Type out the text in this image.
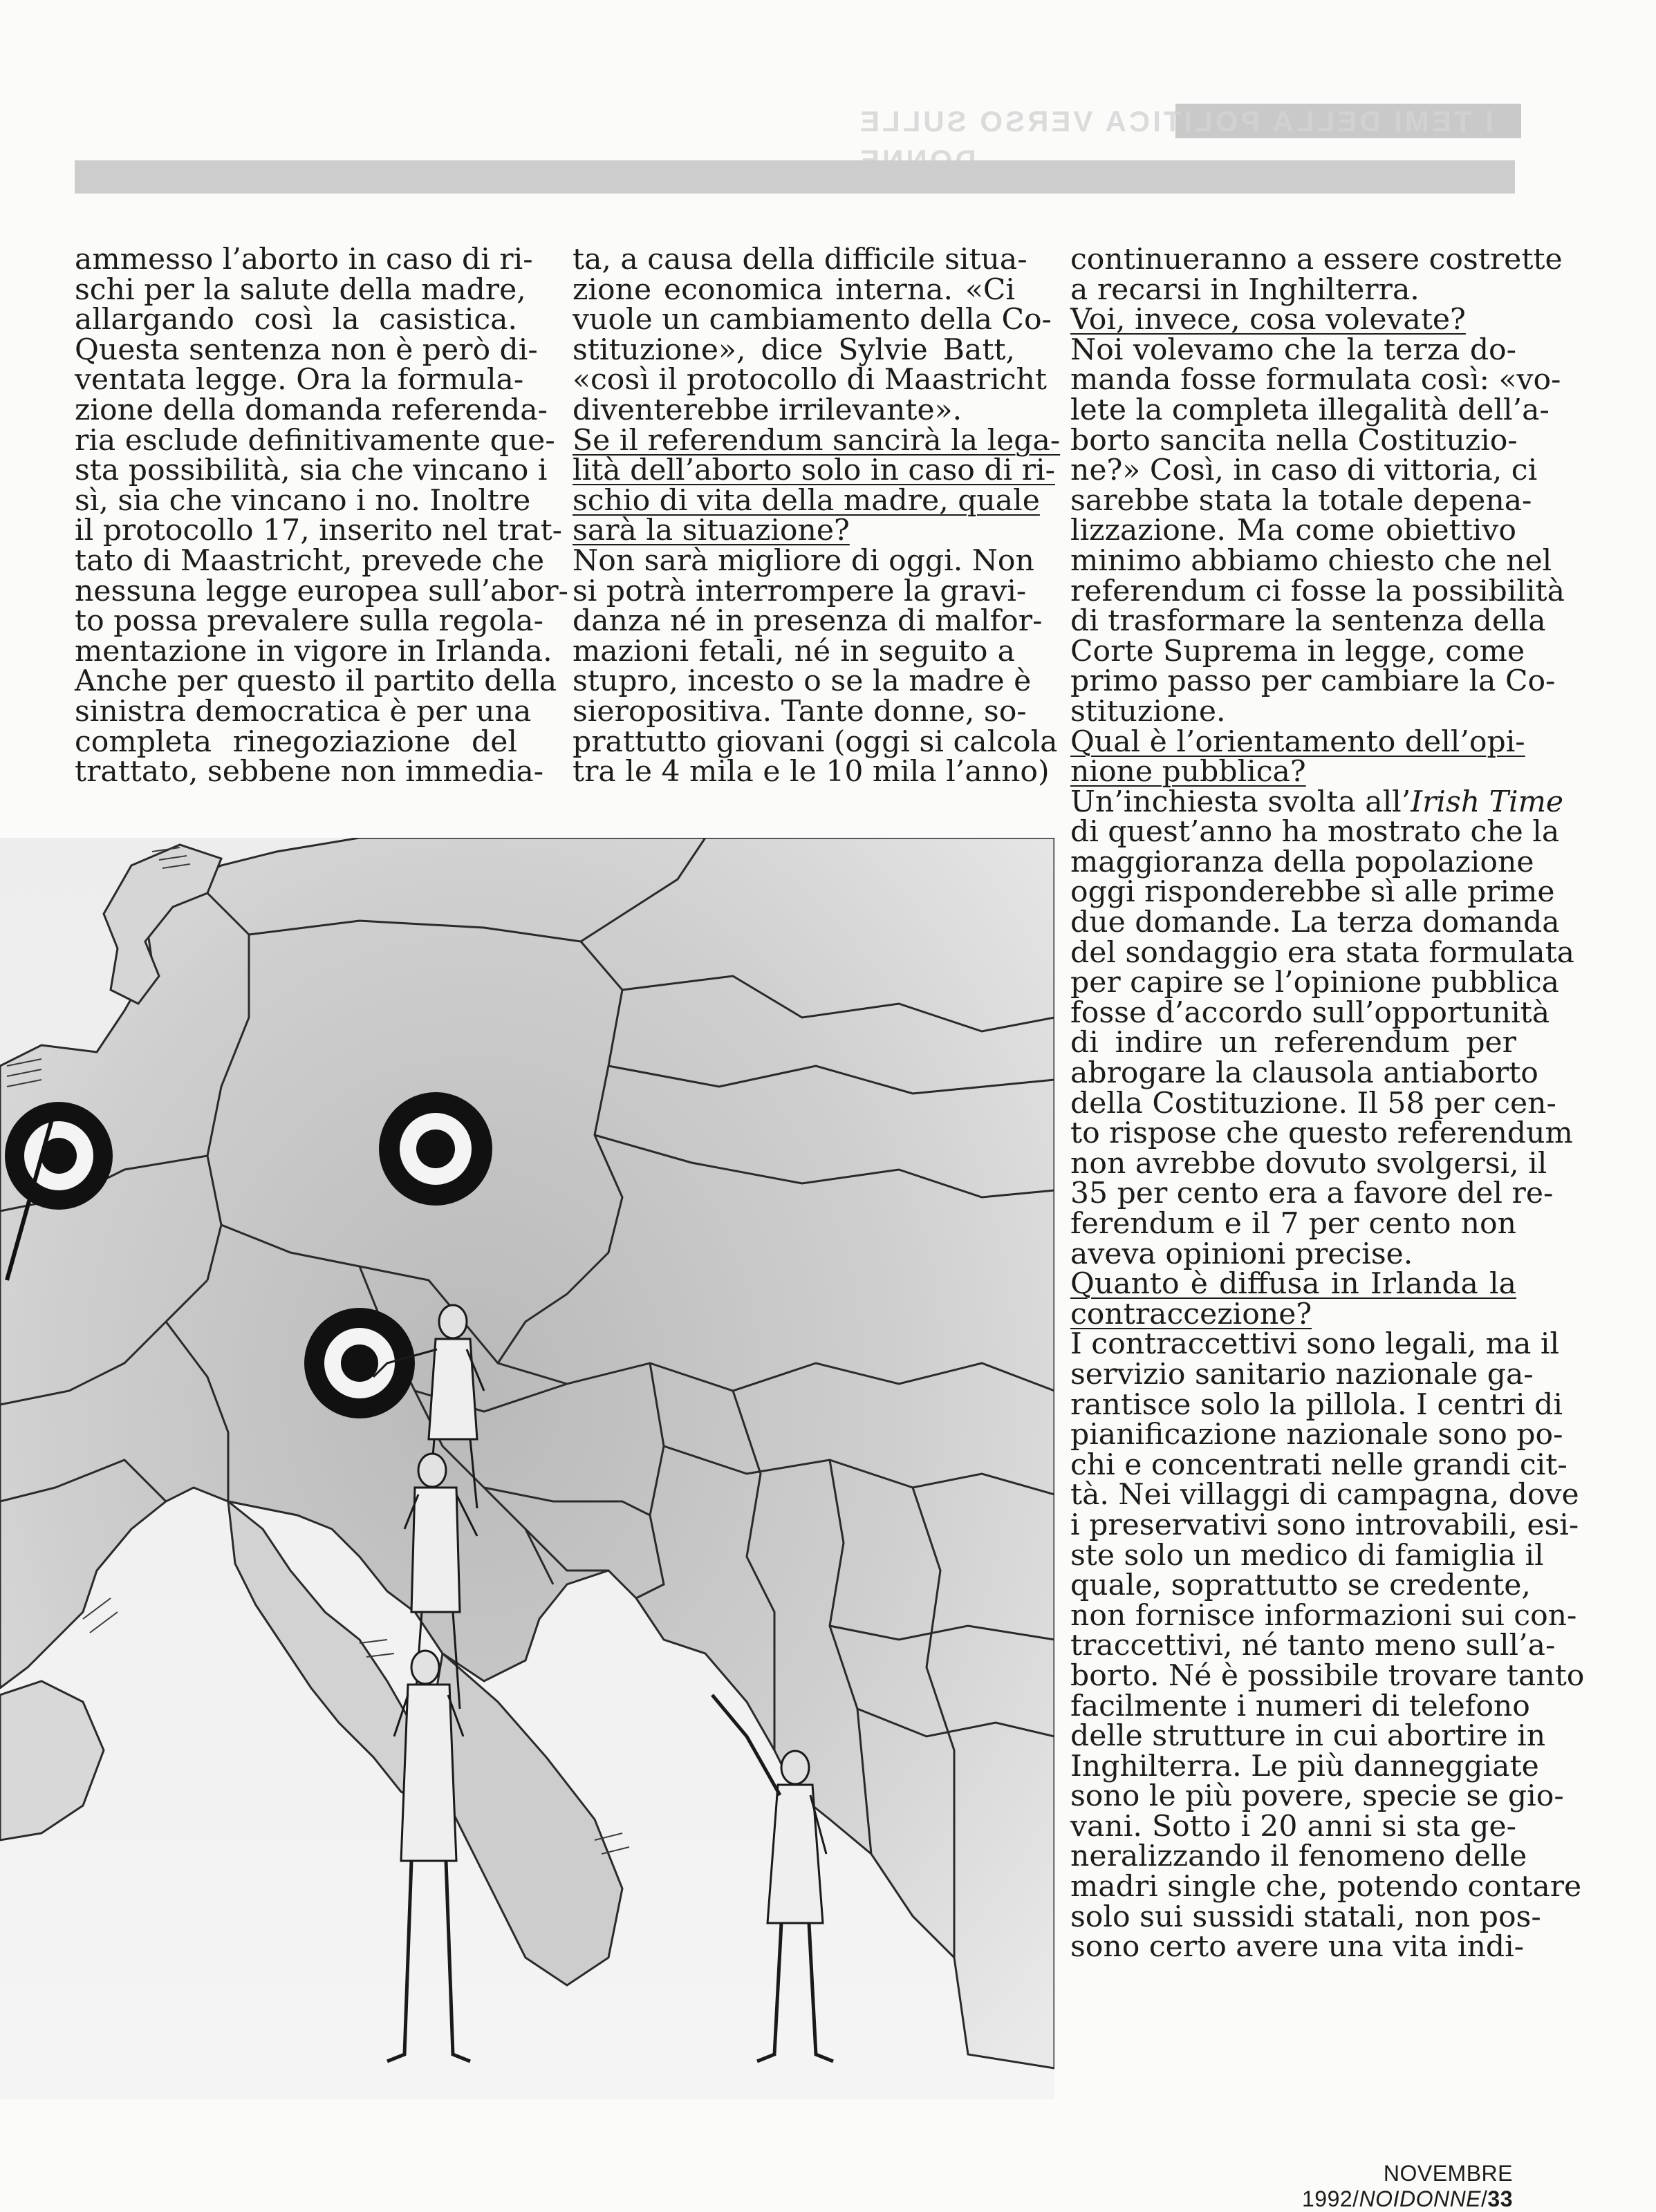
I TEMI DELLA POLITICA VERSO SULLE

ammesso l’aborto in caso di ri-

schi per la salute della madre,

allargando così la casistica.

Questa sentenza non è però di-

ventata legge. Ora la formula-

zione della domanda referenda-

ria esclude definitivamente que-

sta possibilità, sia che vincano i

sì, sia che vincano i no. Inoltre

il protocollo 17, inserito nel trat-

tato di Maastricht, prevede che

nessuna legge europea sull’abor-

to possa prevalere sulla regola-

mentazione in vigore in Irlanda.

Anche per questo il partito della

sinistra democratica è per una

completa rinegoziazione del

trattato, sebbene non immedia-

ta, a causa della difficile situa-

zione economica interna. «Ci

vuole un cambiamento della Co-

stituzione», dice Sylvie Batt,

«così il protocollo di Maastricht

diventerebbe irrilevante».

Se il referendum sancirà la lega-

lità dell’aborto solo in caso di ri-

schio di vita della madre, quale

sarà la situazione?

Non sarà migliore di oggi. Non

si potrà interrompere la gravi-

danza né in presenza di malfor-

mazioni fetali, né in seguito a

stupro, incesto o se la madre è

sieropositiva. Tante donne, so-

prattutto giovani (oggi si calcola

tra le 4 mila e le 10 mila l’anno)

continueranno a essere costrette

a recarsi in Inghilterra.

Voi, invece, cosa volevate?

Noi volevamo che la terza do-

manda fosse formulata così: «vo-

lete la completa illegalità dell’a-

borto sancita nella Costituzio-

ne?» Così, in caso di vittoria, ci

sarebbe stata la totale depena-

lizzazione. Ma come obiettivo

minimo abbiamo chiesto che nel

referendum ci fosse la possibilità

di trasformare la sentenza della

Corte Suprema in legge, come

primo passo per cambiare la Co-

stituzione.

Qual è l’orientamento dell’opi-

nione pubblica?

Un’inchiesta svolta all’Irish Time

di quest’anno ha mostrato che la

maggioranza della popolazione

oggi risponderebbe sì alle prime

due domande. La terza domanda

del sondaggio era stata formulata

per capire se l’opinione pubblica

fosse d’accordo sull’opportunità

di indire un referendum per

abrogare la clausola antiaborto

della Costituzione. Il 58 per cen-

to rispose che questo referendum

non avrebbe dovuto svolgersi, il

35 per cento era a favore del re-

ferendum e il 7 per cento non

aveva opinioni precise.

Quanto è diffusa in Irlanda la

contraccezione?

I contraccettivi sono legali, ma il

servizio sanitario nazionale ga-

rantisce solo la pillola. I centri di

pianificazione nazionale sono po-

chi e concentrati nelle grandi cit-

tà. Nei villaggi di campagna, dove

i preservativi sono introvabili, esi-

ste solo un medico di famiglia il

quale, soprattutto se credente,

non fornisce informazioni sui con-

traccettivi, né tanto meno sull’a-

borto. Né è possibile trovare tanto

facilmente i numeri di telefono

delle strutture in cui abortire in

Inghilterra. Le più danneggiate

sono le più povere, specie se gio-

vani. Sotto i 20 anni si sta ge-

neralizzando il fenomeno delle

madri single che, potendo contare

solo sui sussidi statali, non pos-

sono certo avere una vita indi-

NOVEMBRE 1992/NOIDONNE/33
